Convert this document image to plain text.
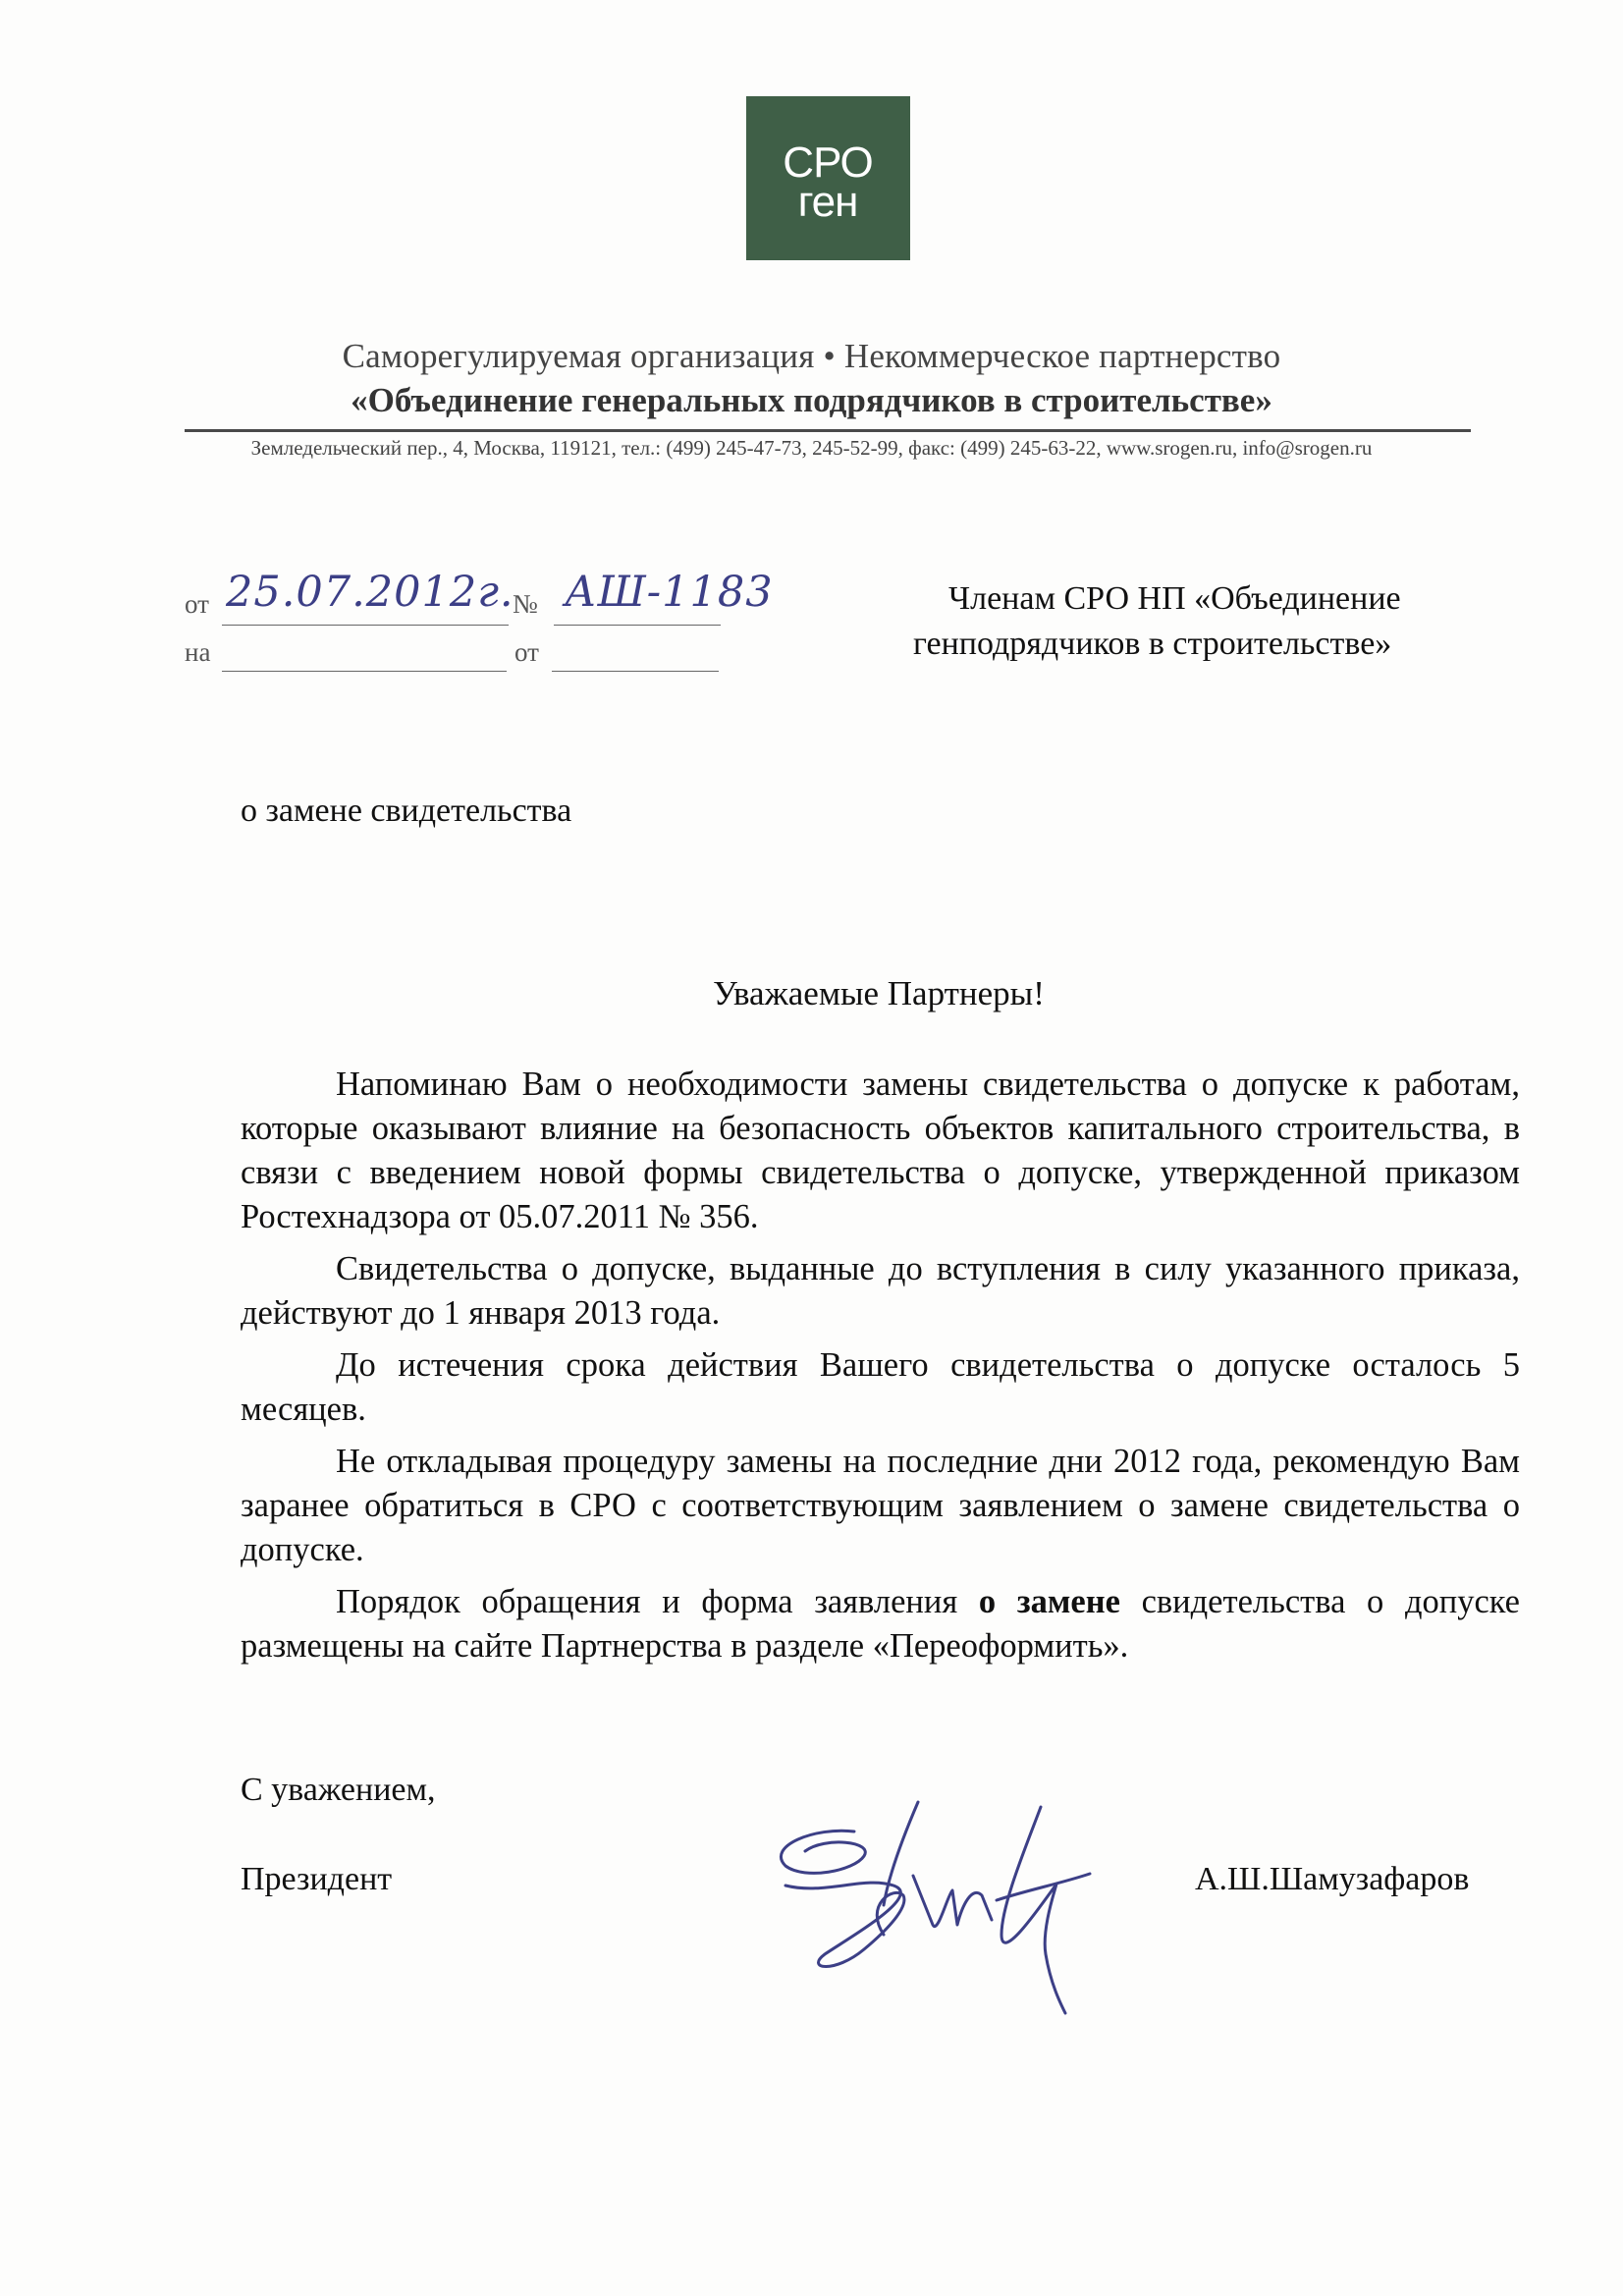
СРО
ген
Саморегулируемая организация • Некоммерческое партнерство
«Объединение генеральных подрядчиков в строительстве»
Земледельческий пер., 4, Москва, 119121, тел.: (499) 245-47-73, 245-52-99, факс: (499) 245-63-22, www.srogen.ru, info@srogen.ru
от 25.07.2012г.
№ АШ-1183
на	от
Членам СРО НП «Объединение
генподрядчиков в строительстве»
о замене свидетельства
Уважаемые Партнеры!

Напоминаю Вам о необходимости замены свидетельства о допуске к работам, которые оказывают влияние на безопасность объектов капитального строительства, в связи с введением новой формы свидетельства о допуске, утвержденной приказом Ростехнадзора от 05.07.2011 № 356.

Свидетельства о допуске, выданные до вступления в силу указанного приказа, действуют до 1 января 2013 года.

До истечения срока действия Вашего свидетельства о допуске осталось 5 месяцев.

Не откладывая процедуру замены на последние дни 2012 года, рекомендую Вам заранее обратиться в СРО с соответствующим заявлением о замене свидетельства о допуске.

Порядок обращения и форма заявления о замене свидетельства о допуске размещены на сайте Партнерства в разделе «Переоформить».

С уважением,
Президент	А.Ш.Шамузафаров
